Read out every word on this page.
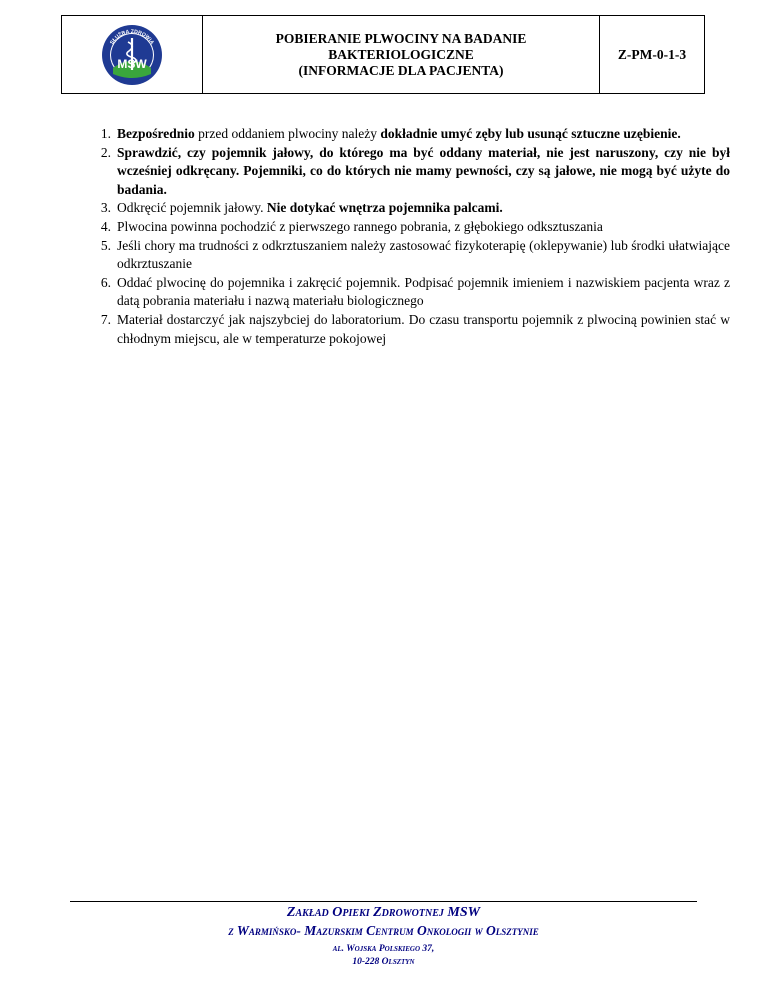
MSW
SŁUŻBA ZDROWIA	POBIERANIE PLWOCINY NA BADANIE

BAKTERIOLOGICZNE

(INFORMACJE DLA PACJENTA)

Z-PM-0-1-3

1. Bezpośrednio przed oddaniem plwociny należy dokładnie umyć zęby lub usunąć sztuczne uzębienie.
2. Sprawdzić, czy pojemnik jałowy, do którego ma być oddany materiał, nie jest naruszony, czy nie był wcześniej odkręcany. Pojemniki, co do których nie mamy pewności, czy są jałowe, nie mogą być użyte do badania.
3. Odkręcić pojemnik jałowy. Nie dotykać wnętrza pojemnika palcami.
4. Plwocina powinna pochodzić z pierwszego rannego pobrania, z głębokiego odksztuszania
5. Jeśli chory ma trudności z odkrztuszaniem należy zastosować fizykoterapię (oklepywanie) lub środki ułatwiające odkrztuszanie
6. Oddać plwocinę do pojemnika i zakręcić pojemnik. Podpisać pojemnik imieniem i nazwiskiem pacjenta wraz z datą pobrania materiału i nazwą materiału biologicznego
7. Materiał dostarczyć jak najszybciej do laboratorium. Do czasu transportu pojemnik z plwociną powinien stać w chłodnym miejscu, ale w temperaturze pokojowej
Zakład Opieki Zdrowotnej MSW
z Warmińsko- Mazurskim Centrum Onkologii w Olsztynie
al. Wojska Polskiego 37,
10-228 Olsztyn
